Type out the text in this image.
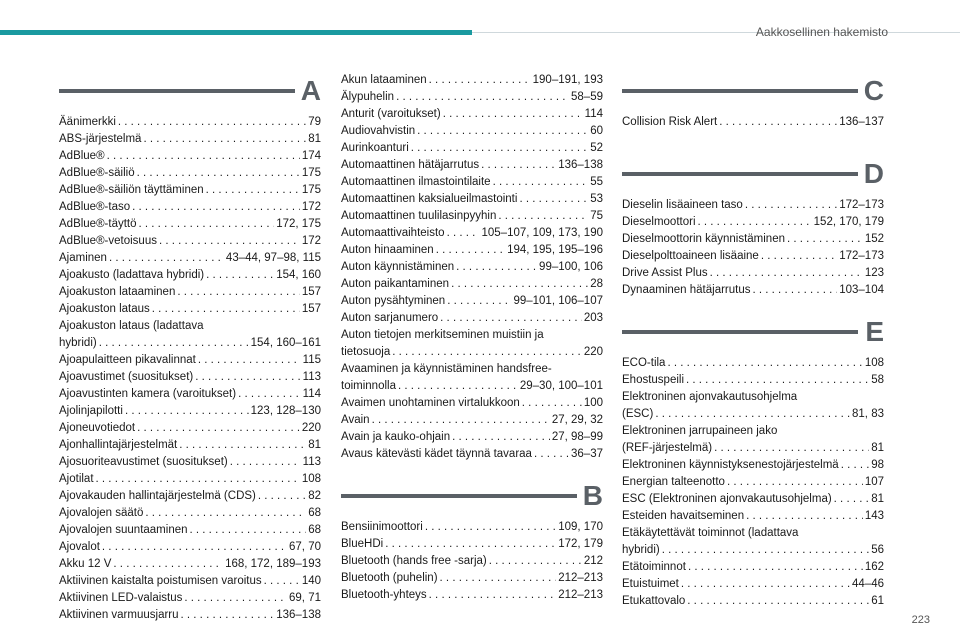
Aakkosellinen hakemisto
A
Äänimerkki . . .	79
ABS-järjestelmä . . .	81
AdBlue® . . .	174
AdBlue®-säiliö . . .	175
AdBlue®-säiliön täyttäminen . . .	175
AdBlue®-taso . . .	172
AdBlue®-täyttö . . .	172, 175
AdBlue®-vetoisuus . . .	172
Ajaminen . . .	43–44, 97–98, 115
Ajoakusto (ladattava hybridi) . . .	154, 160
Ajoakuston lataaminen . . .	157
Ajoakuston lataus . . .	157
Ajoakuston lataus (ladattava
hybridi) . . .	154, 160–161
Ajoapulaitteen pikavalinnat . . .	115
Ajoavustimet (suositukset) . . .	113
Ajoavustinten kamera (varoitukset) . . .	114
Ajolinjapilotti . . .	123, 128–130
Ajoneuvotiedot . . .	220
Ajonhallintajärjestelmät . . .	81
Ajosuoriteavustimet (suositukset) . . .	113
Ajotilat . . .	108
Ajovakauden hallintajärjestelmä (CDS) . . .	82
Ajovalojen säätö . . .	68
Ajovalojen suuntaaminen . . .	68
Ajovalot . . .	67, 70
Akku 12 V . . .	168, 172, 189–193
Aktiivinen kaistalta poistumisen varoitus . . .	140
Aktiivinen LED-valaistus . . .	69, 71
Aktiivinen varmuusjarru . . .	136–138
Akun lataaminen . . .	190–191, 193
Älypuhelin . . .	58–59
Anturit (varoitukset) . . .	114
Audiovahvistin . . .	60
Aurinkoanturi . . .	52
Automaattinen hätäjarrutus . . .	136–138
Automaattinen ilmastointilaite . . .	55
Automaattinen kaksialueilmastointi . . .	53
Automaattinen tuulilasinpyyhin . . .	75
Automaattivaihteisto . . .	105–107, 109, 173, 190
Auton hinaaminen . . .	194, 195, 195–196
Auton käynnistäminen . . .	99–100, 106
Auton paikantaminen . . .	28
Auton pysähtyminen . . .	99–101, 106–107
Auton sarjanumero . . .	203
Auton tietojen merkitseminen muistiin ja
tietosuoja . . .	220
Avaaminen ja käynnistäminen handsfree-
toiminnolla . . .	29–30, 100–101
Avaimen unohtaminen virtalukkoon . . .	100
Avain . . .	27, 29, 32
Avain ja kauko-ohjain . . .	27, 98–99
Avaus kätevästi kädet täynnä tavaraa . . .	36–37
B
Bensiinimoottori . . .	109, 170
BlueHDi . . .	172, 179
Bluetooth (hands free -sarja) . . .	212
Bluetooth (puhelin) . . .	212–213
Bluetooth-yhteys . . .	212–213
C
Collision Risk Alert . . .	136–137
D
Dieselin lisäaineen taso . . .	172–173
Dieselmoottori . . .	152, 170, 179
Dieselmoottorin käynnistäminen . . .	152
Dieselpolttoaineen lisäaine . . .	172–173
Drive Assist Plus . . .	123
Dynaaminen hätäjarrutus . . .	103–104
E
ECO-tila . . .	108
Ehostuspeili . . .	58
Elektroninen ajonvakautusohjelma
(ESC) . . .	81, 83
Elektroninen jarrupaineen jako
(REF-järjestelmä) . . .	81
Elektroninen käynnistyksenestojärjestelmä . . .	98
Energian talteenotto . . .	107
ESC (Elektroninen ajonvakautusohjelma) . . .	81
Esteiden havaitseminen . . .	143
Etäkäytettävät toiminnot (ladattava
hybridi) . . .	56
Etätoiminnot . . .	162
Etuistuimet . . .	44–46
Etukattovalo . . .	61
223
